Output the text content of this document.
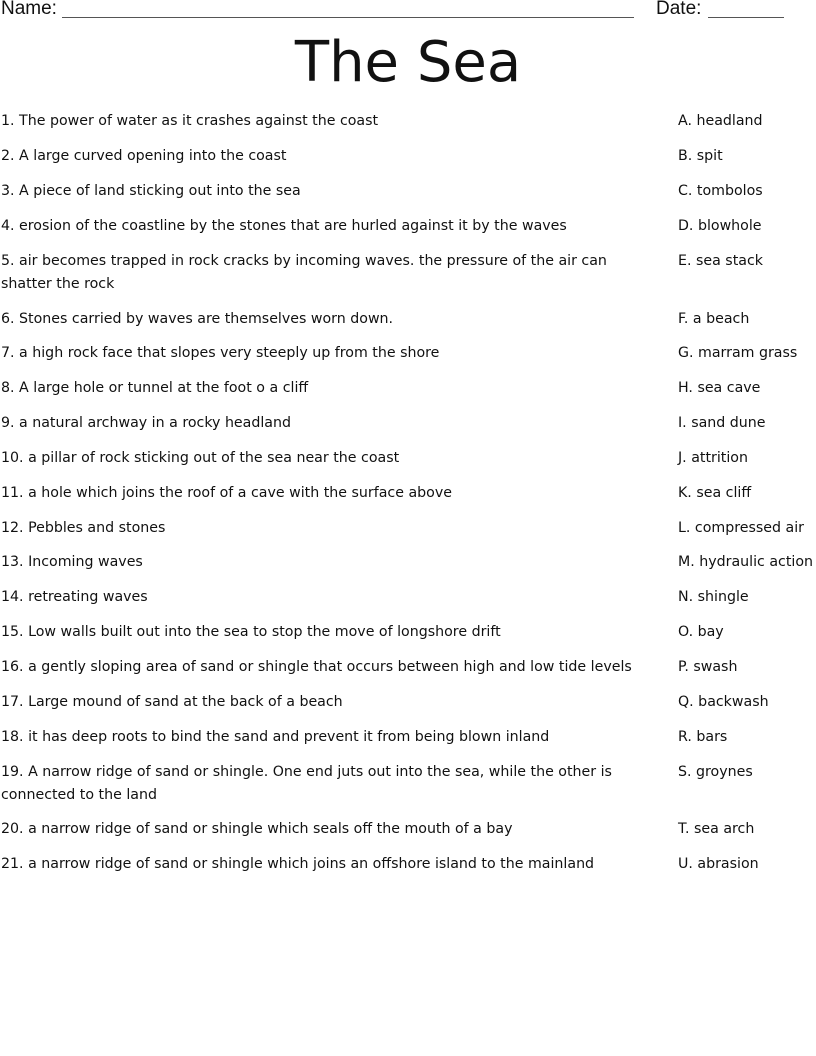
Name:	Date:
The Sea
1. The power of water as it crashes against the coast	A. headland
2. A large curved opening into the coast	B. spit
3. A piece of land sticking out into the sea	C. tombolos
4. erosion of the coastline by the stones that are hurled against it by the waves	D. blowhole
5. air becomes trapped in rock cracks by incoming waves. the pressure of the air can shatter the rock
E. sea stack
6. Stones carried by waves are themselves worn down.	F. a beach
7. a high rock face that slopes very steeply up from the shore	G. marram grass
8. A large hole or tunnel at the foot o a cliff	H. sea cave
9. a natural archway in a rocky headland	I. sand dune
10. a pillar of rock sticking out of the sea near the coast	J. attrition
11. a hole which joins the roof of a cave with the surface above	K. sea cliff
12. Pebbles and stones	L. compressed air
13. Incoming waves	M. hydraulic action
14. retreating waves	N. shingle
15. Low walls built out into the sea to stop the move of longshore drift	O. bay
16. a gently sloping area of sand or shingle that occurs between high and low tide levels	P. swash
17. Large mound of sand at the back of a beach	Q. backwash
18. it has deep roots to bind the sand and prevent it from being blown inland	R. bars
19. A narrow ridge of sand or shingle. One end juts out into the sea, while the other is connected to the land
S. groynes
20. a narrow ridge of sand or shingle which seals off the mouth of a bay	T. sea arch
21. a narrow ridge of sand or shingle which joins an offshore island to the mainland	U. abrasion
